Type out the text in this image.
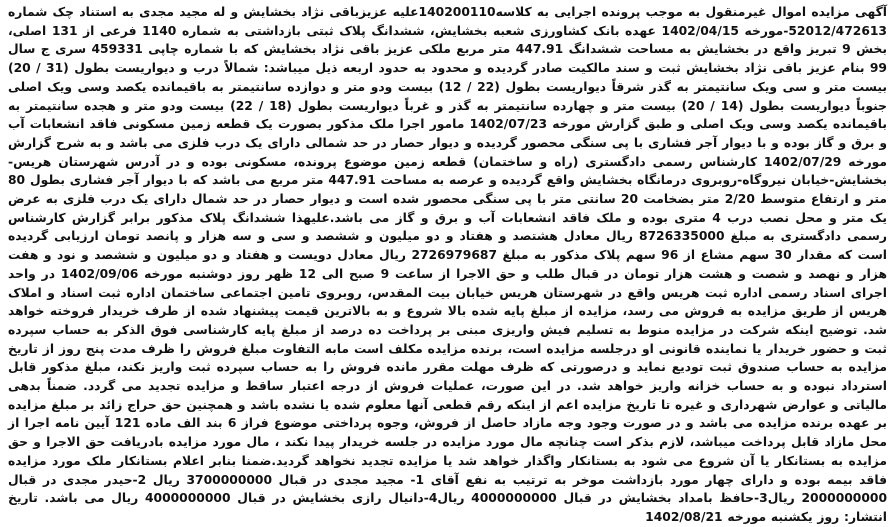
آگهی مزایده اموال غیرمنقول به موجب پرونده اجرایی به کلاسه140200110علیه عزیزباقی نژاد بخشایش و له مجید مجدی به استناد چک شماره 52012/472613-مورخه 1402/04/15 عهده بانک کشاورزی شعبه بخشایش، ششدانگ پلاک ثبتی بازداشتی به شماره 1140 فرعی از 131 اصلی، بخش 9 تبریز واقع در بخشایش به مساحت ششدانگ 447.91 متر مربع ملکی عزیز باقی نژاد بخشایش که با شماره چاپی 459331 سری ج سال 99 بنام عزیز باقی نژاد بخشایش ثبت و سند مالکیت صادر گردیده و محدود به حدود اربعه ذیل میباشد: شمالاً درب و دیواریست بطول (31 / 20) بیست متر و سی ویک سانتیمتر به گذر شرقاً دیواریست بطول (22 / 12) بیست ودو متر و دوازده سانتیمتر به باقیمانده یکصد وسی ویک اصلی جنوباً دیواریست بطول (14 / 20) بیست متر و چهارده سانتیمتر به گذر و غرباً دیواریست بطول (18 / 22) بیست ودو متر و هجده سانتیمتر به باقیمانده یکصد وسی ویک اصلی و طبق گزارش مورخه 1402/07/23 مامور اجرا ملک مذکور بصورت یک قطعه زمین مسکونی فاقد انشعابات آب و برق و گاز بوده و با دیوار آجر فشاری با پی سنگی محصور گردیده و دیوار حصار در حد شمالی دارای یک درب فلزی می باشد و به شرح گزارش مورخه 1402/07/29 کارشناس رسمی دادگستری (راه و ساختمان) قطعه زمین موضوع پرونده، مسکونی بوده و در آدرس شهرستان هریس-بخشایش-خیابان نیروگاه-روبروی درمانگاه بخشایش واقع گردیده و عرصه به مساحت 447.91 متر مربع می باشد که با دیوار آجر فشاری بطول 80 متر و ارتفاع متوسط 2/20 متر بضخامت 20 سانتی متر با پی سنگی محصور شده است و دیوار حصار در حد شمال دارای یک درب فلزی به عرض یک متر و محل نصب درب 4 متری بوده و ملک فاقد انشعابات آب و برق و گاز می باشد.علیهذا ششدانگ پلاک مذکور برابر گزارش کارشناس رسمی دادگستری به مبلغ 8726335000 ریال معادل هشتصد و هفتاد و دو میلیون و ششصد و سی و سه هزار و پانصد تومان ارزیابی گردیده است که مقدار 30 سهم مشاع از 96 سهم پلاک مذکور به مبلغ 2726979687 ریال معادل دویست و هفتاد و دو میلیون و ششصد و نود و هفت هزار و نهصد و شصت و هشت هزار تومان در قبال طلب و حق الاجرا از ساعت 9 صبح الی 12 ظهر روز دوشنبه مورخه 1402/09/06 در واحد اجرای اسناد رسمی اداره ثبت هریس واقع در شهرستان هریس خیابان بیت المقدس، روبروی تامین اجتماعی ساختمان اداره ثبت اسناد و املاک هریس از طریق مزایده به فروش می رسد، مزایده از مبلغ پایه شده بالا شروع و به بالاترین قیمت پیشنهاد شده از طرف خریدار فروخته خواهد شد. توضیح اینکه شرکت در مزایده منوط به تسلیم فیش واریزی مبنی بر پرداخت ده درصد از مبلغ پایه کارشناسی فوق الذکر به حساب سپرده ثبت و حضور خریدار یا نماینده قانونی او درجلسه مزایده است، برنده مزایده مکلف است مابه التفاوت مبلغ فروش را ظرف مدت پنج روز از تاریخ مزایده به حساب صندوق ثبت تودیع نماید و درصورتی که ظرف مهلت مقرر مانده فروش را به حساب سپرده ثبت واریز نکند، مبلغ مذکور قابل استرداد نبوده و به حساب خزانه واریز خواهد شد. در این صورت، عملیات فروش از درجه اعتبار ساقط و مزایده تجدید می گردد. ضمناً بدهی مالیاتی و عوارض شهرداری و غیره تا تاریخ مزایده اعم از اینکه رقم قطعی آنها معلوم شده یا نشده باشد و همچنین حق حراج زائد بر مبلغ مزایده بر عهده برنده مزایده می باشد و در صورت وجود وجه مازاد حاصل از فروش، وجوه پرداختی موضوع فراز 6 بند الف ماده 121 آیین نامه اجرا از محل مازاد قابل پرداخت میباشد، لازم بذکر است چنانچه مال مورد مزایده در جلسه خریدار پیدا نکند ، مال مورد مزایده بادریافت حق الاجرا و حق مزایده به بستانکار یا آن شروع می شود به بستانکار واگذار خواهد شد یا مزایده تجدید نخواهد گردید.ضمنا بنابر اعلام بستانکار ملک مورد مزایده فاقد بیمه بوده و دارای چهار مورد بازداشت موخر به ترتیب به نفع آقای 1- مجید مجدی در قبال 3700000000 ریال 2-حیدر مجدی در قبال 2000000000 ریال3-حافظ بامداد بخشایش در قبال 4000000000 ریال4-دانیال رازی بخشایش در قبال 4000000000 ریال می باشد. تاریخ انتشار: روز یکشنبه مورخه 1402/08/21
